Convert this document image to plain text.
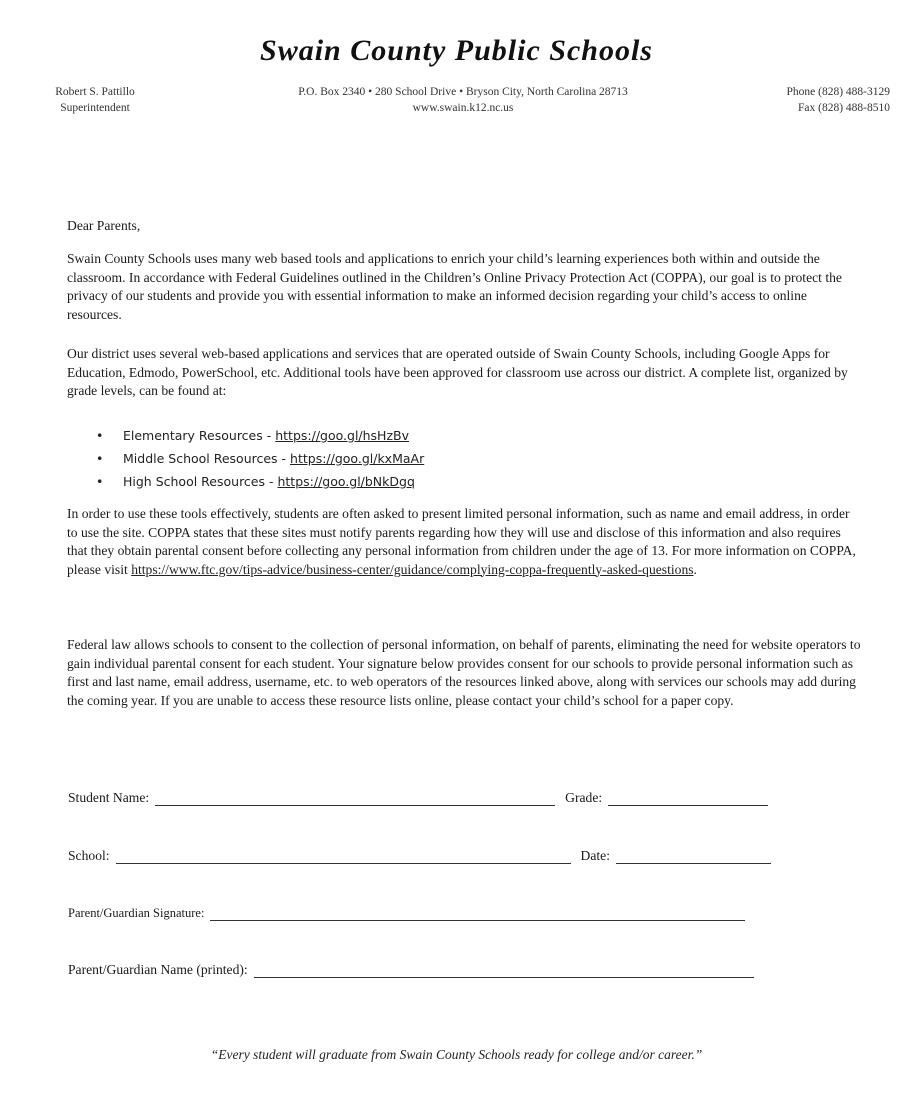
Swain County Public Schools
Robert S. Pattillo
Superintendent
P.O. Box 2340 • 280 School Drive • Bryson City, North Carolina 28713
www.swain.k12.nc.us
Phone (828) 488-3129
Fax (828) 488-8510

Dear Parents,

Swain County Schools uses many web based tools and applications to enrich your child’s learning experiences both within and outside the classroom. In accordance with Federal Guidelines outlined in the Children’s Online Privacy Protection Act (COPPA), our goal is to protect the privacy of our students and provide you with essential information to make an informed decision regarding your child’s access to online resources.

Our district uses several web-based applications and services that are operated outside of Swain County Schools, including Google Apps for Education, Edmodo, PowerSchool, etc. Additional tools have been approved for classroom use across our district. A complete list, organized by grade levels, can be found at:

• Elementary Resources - https://goo.gl/hsHzBv
• Middle School Resources - https://goo.gl/kxMaAr
• High School Resources - https://goo.gl/bNkDgq

In order to use these tools effectively, students are often asked to present limited personal information, such as name and email address, in order to use the site. COPPA states that these sites must notify parents regarding how they will use and disclose of this information and also requires that they obtain parental consent before collecting any personal information from children under the age of 13. For more information on COPPA, please visit https://www.ftc.gov/tips-advice/business-center/guidance/complying-coppa-frequently-asked-questions.

Federal law allows schools to consent to the collection of personal information, on behalf of parents, eliminating the need for website operators to gain individual parental consent for each student. Your signature below provides consent for our schools to provide personal information such as first and last name, email address, username, etc. to web operators of the resources linked above, along with services our schools may add during the coming year. If you are unable to access these resource lists online, please contact your child’s school for a paper copy.

Student Name:	Grade:
School:	Date:
Parent/Guardian Signature:
Parent/Guardian Name (printed):
“Every student will graduate from Swain County Schools ready for college and/or career.”
